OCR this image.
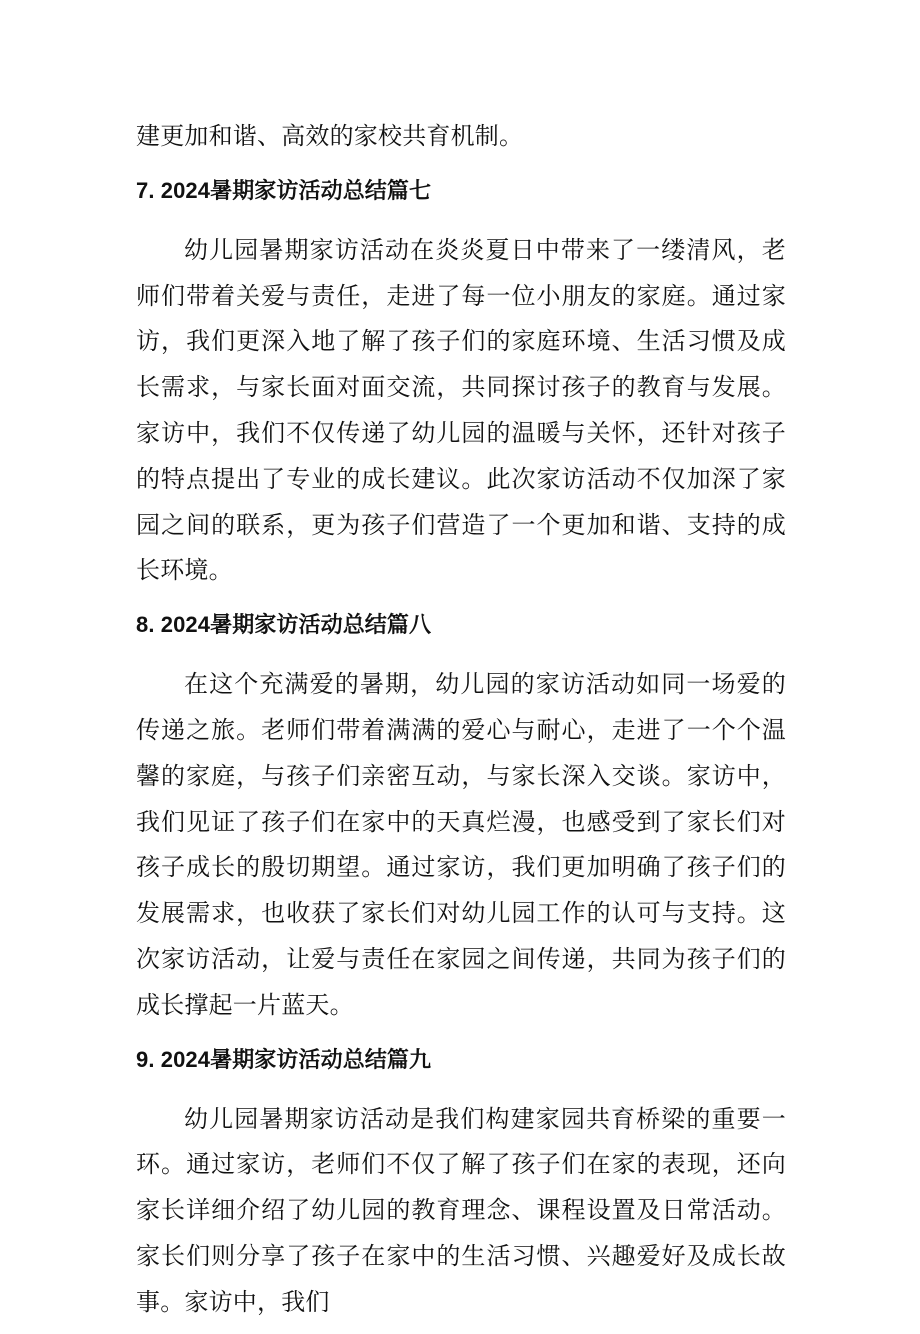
建更加和谐、高效的家校共育机制。

7. 2024暑期家访活动总结篇七

幼儿园暑期家访活动在炎炎夏日中带来了一缕清风，老师们带着关爱与责任，走进了每一位小朋友的家庭。通过家访，我们更深入地了解了孩子们的家庭环境、生活习惯及成长需求，与家长面对面交流，共同探讨孩子的教育与发展。家访中，我们不仅传递了幼儿园的温暖与关怀，还针对孩子的特点提出了专业的成长建议。此次家访活动不仅加深了家园之间的联系，更为孩子们营造了一个更加和谐、支持的成长环境。

8. 2024暑期家访活动总结篇八

在这个充满爱的暑期，幼儿园的家访活动如同一场爱的传递之旅。老师们带着满满的爱心与耐心，走进了一个个温馨的家庭，与孩子们亲密互动，与家长深入交谈。家访中，我们见证了孩子们在家中的天真烂漫，也感受到了家长们对孩子成长的殷切期望。通过家访，我们更加明确了孩子们的发展需求，也收获了家长们对幼儿园工作的认可与支持。这次家访活动，让爱与责任在家园之间传递，共同为孩子们的成长撑起一片蓝天。

9. 2024暑期家访活动总结篇九

幼儿园暑期家访活动是我们构建家园共育桥梁的重要一环。通过家访，老师们不仅了解了孩子们在家的表现，还向家长详细介绍了幼儿园的教育理念、课程设置及日常活动。家长们则分享了孩子在家中的生活习惯、兴趣爱好及成长故事。家访中，我们
